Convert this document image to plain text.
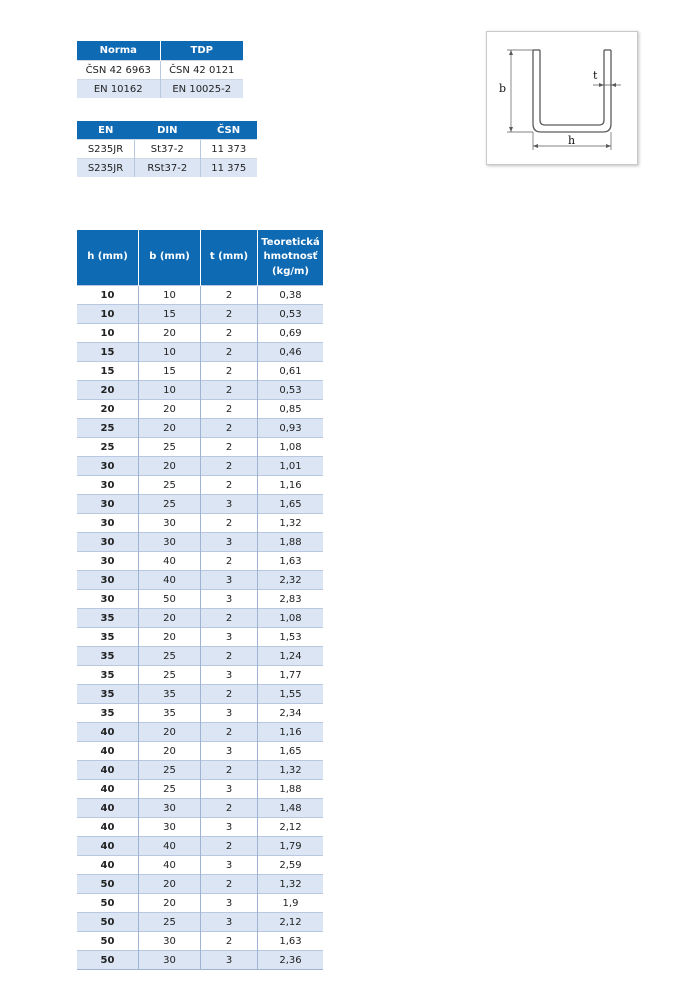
Norma	TDP
ČSN 42 6963	ČSN 42 0121
EN 10162	EN 10025-2
EN	DIN	ČSN
S235JR	St37-2	11 373
S235JR	RSt37-2	11 375
b
h
t
h (mm)	b (mm)	t (mm)	Teoretická
hmotnosť
(kg/m)

10	10	2	0,38
10	15	2	0,53
10	20	2	0,69
15	10	2	0,46
15	15	2	0,61
20	10	2	0,53
20	20	2	0,85
25	20	2	0,93
25	25	2	1,08
30	20	2	1,01
30	25	2	1,16
30	25	3	1,65
30	30	2	1,32
30	30	3	1,88
30	40	2	1,63
30	40	3	2,32
30	50	3	2,83
35	20	2	1,08
35	20	3	1,53
35	25	2	1,24
35	25	3	1,77
35	35	2	1,55
35	35	3	2,34
40	20	2	1,16
40	20	3	1,65
40	25	2	1,32
40	25	3	1,88
40	30	2	1,48
40	30	3	2,12
40	40	2	1,79
40	40	3	2,59
50	20	2	1,32
50	20	3	1,9
50	25	3	2,12
50	30	2	1,63
50	30	3	2,36
